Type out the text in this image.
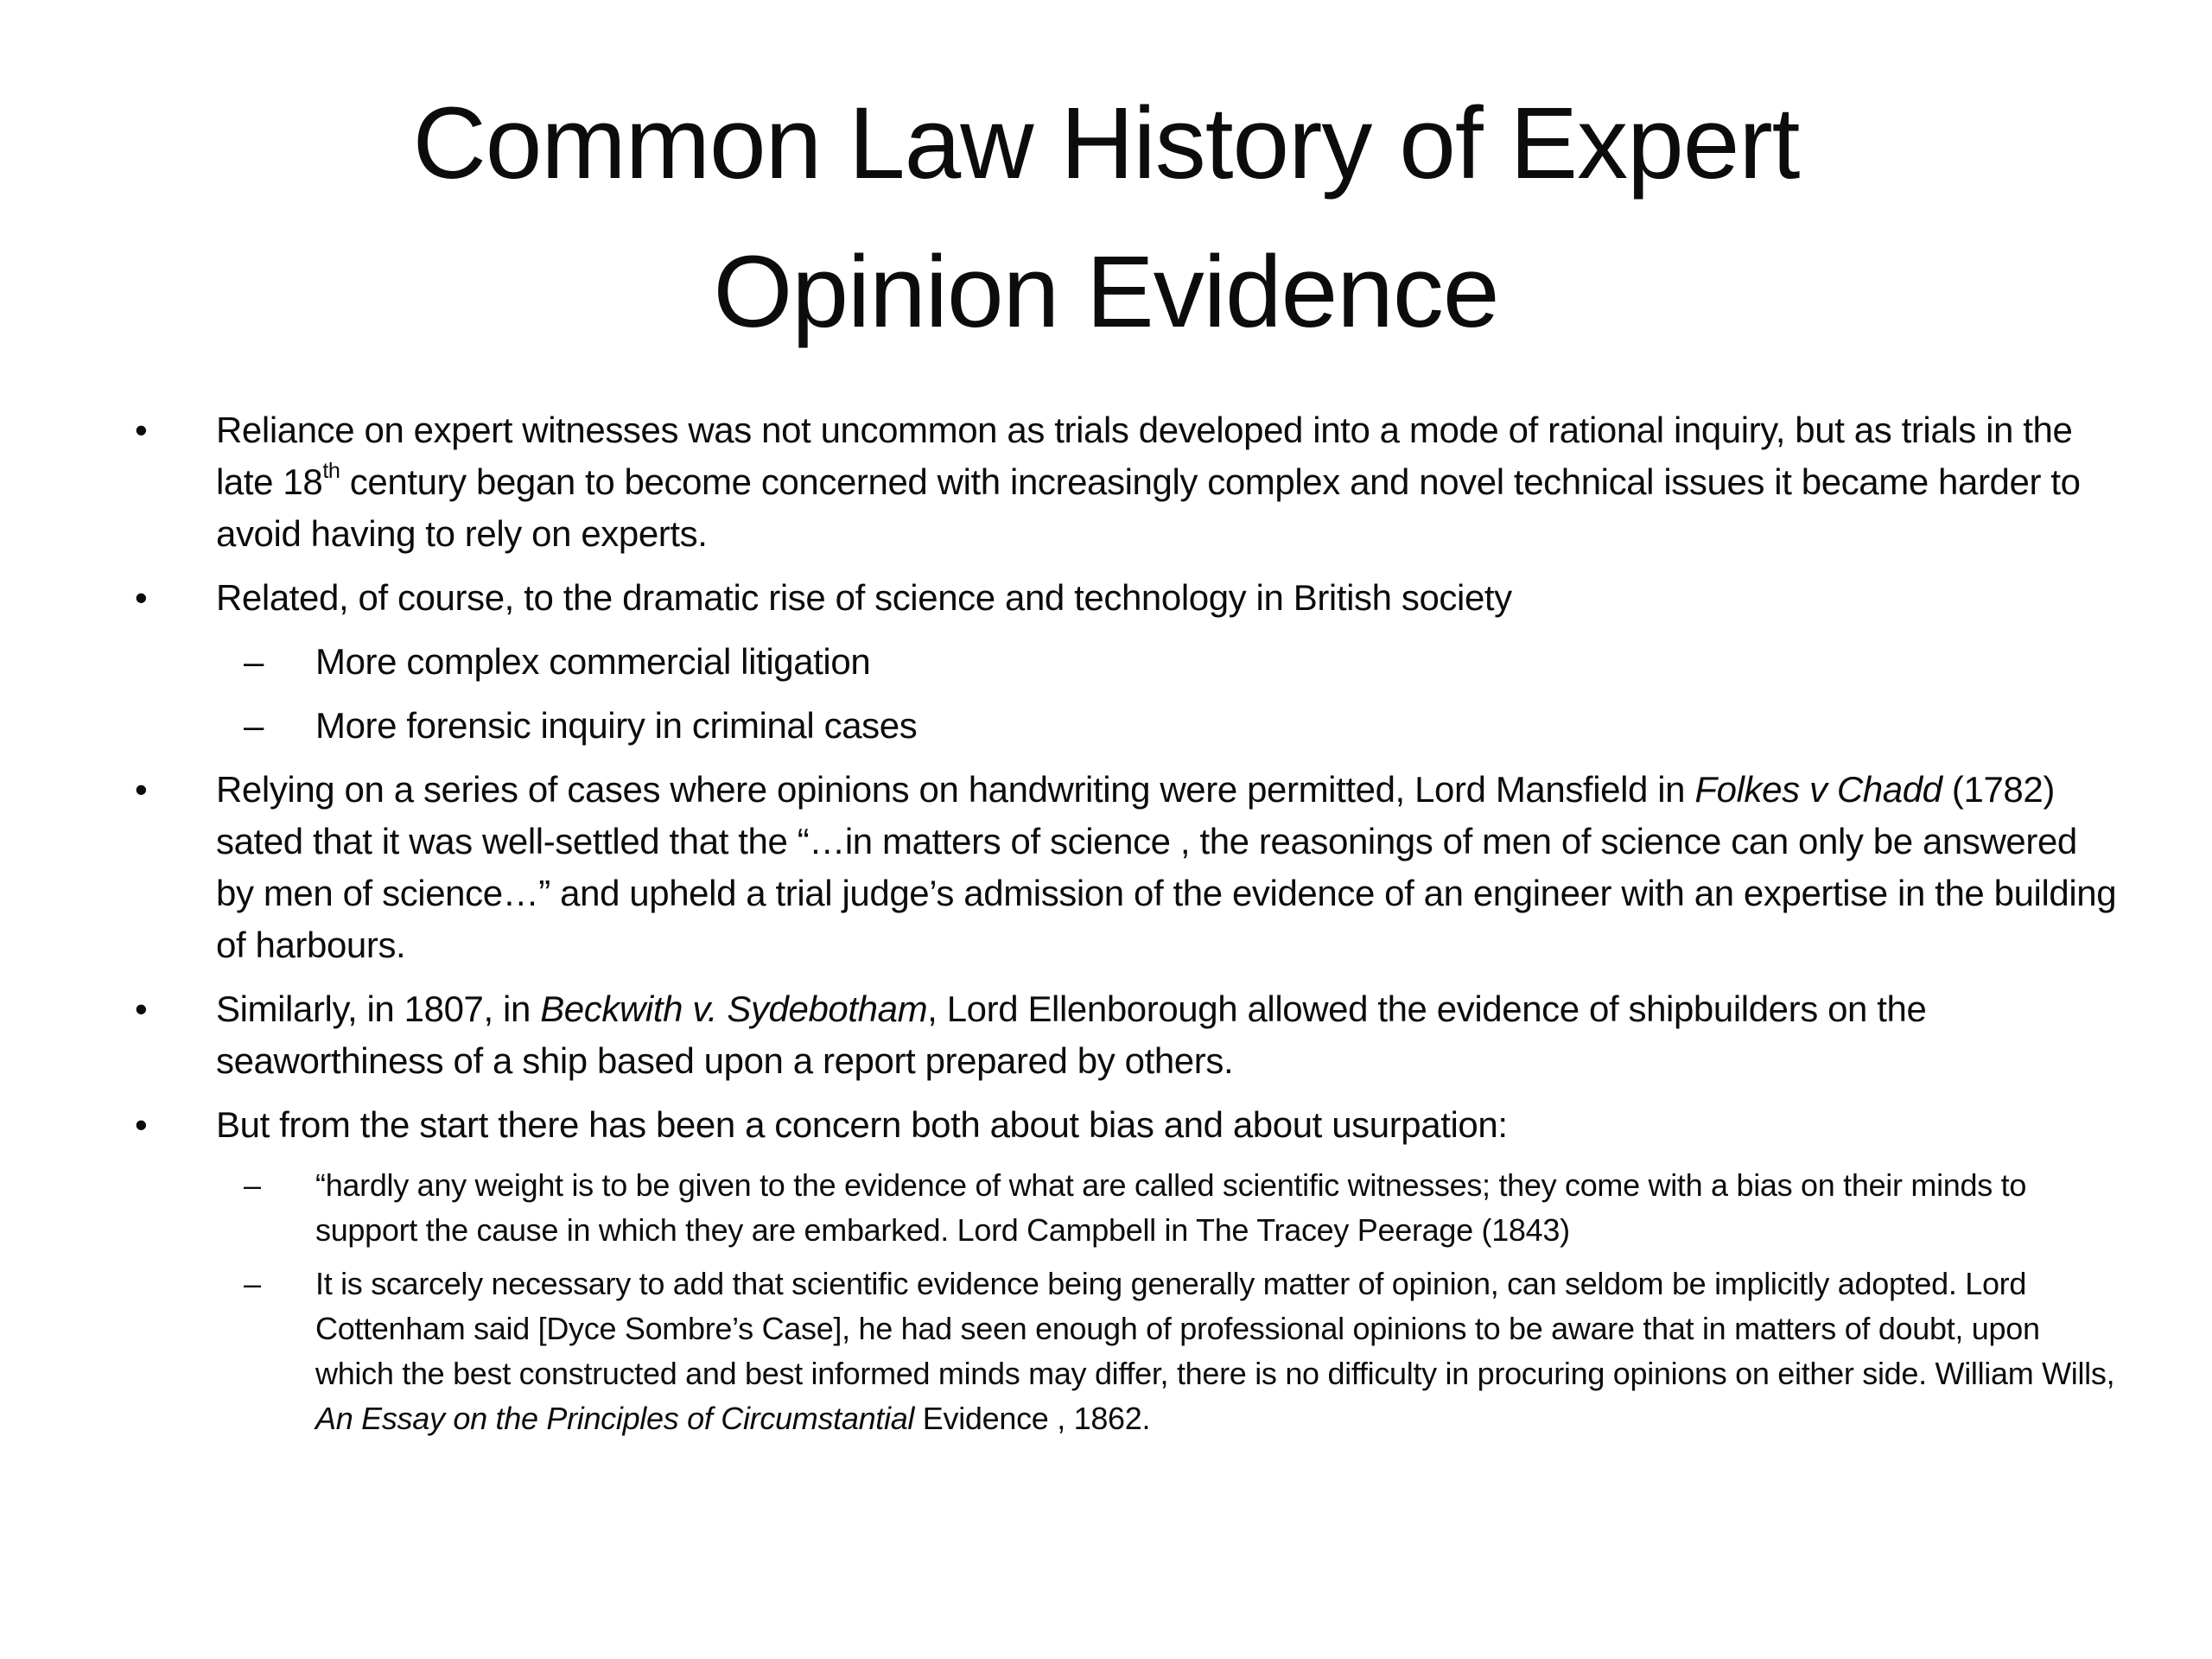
Common Law History of Expert
Opinion Evidence
• Reliance on expert witnesses was not uncommon as trials developed into a mode of rational inquiry, but as trials in the late 18th century began to become concerned with increasingly complex and novel technical issues it became harder to avoid having to rely on experts.
• Related, of course, to the dramatic rise of science and technology in British society
– More complex commercial litigation
– More forensic inquiry in criminal cases
• Relying on a series of cases where opinions on handwriting were permitted, Lord Mansfield in Folkes v Chadd (1782) sated that it was well-settled that the “…in matters of science , the reasonings of men of science can only be answered by men of science…” and upheld a trial judge’s admission of the evidence of an engineer with an expertise in the building of harbours.
• Similarly, in 1807, in Beckwith v. Sydebotham, Lord Ellenborough allowed the evidence of shipbuilders on the seaworthiness of a ship based upon a report prepared by others.
• But from the start there has been a concern both about bias and about usurpation:
– “hardly any weight is to be given to the evidence of what are called scientific witnesses; they come with a bias on their minds to support the cause in which they are embarked. Lord Campbell in The Tracey Peerage (1843)
– It is scarcely necessary to add that scientific evidence being generally matter of opinion, can seldom be implicitly adopted. Lord Cottenham said [Dyce Sombre’s Case], he had seen enough of professional opinions to be aware that in matters of doubt, upon which the best constructed and best informed minds may differ, there is no difficulty in procuring opinions on either side. William Wills, An Essay on the Principles of Circumstantial Evidence , 1862.
